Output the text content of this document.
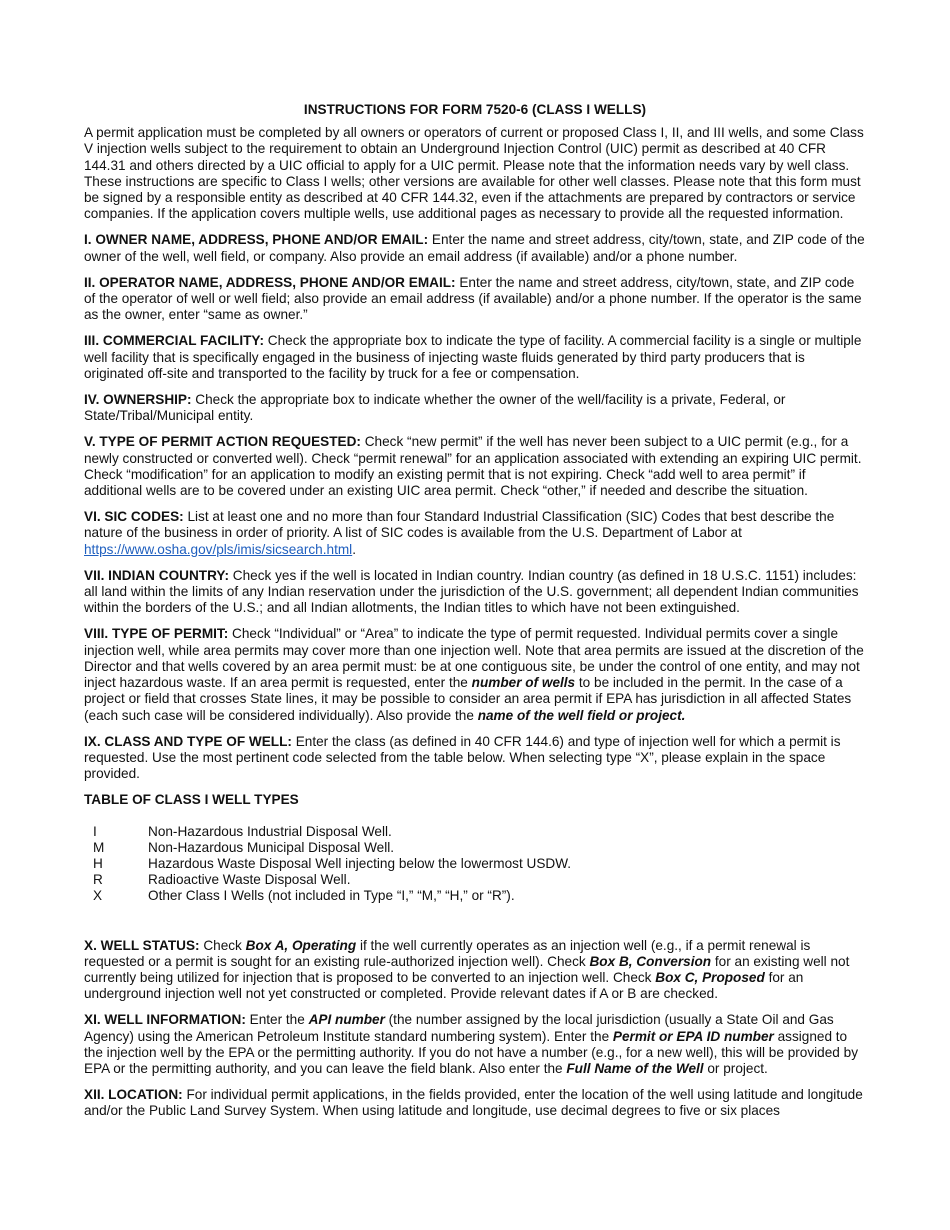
INSTRUCTIONS FOR FORM 7520-6 (CLASS I WELLS)

A permit application must be completed by all owners or operators of current or proposed Class I, II, and III wells, and some Class V injection wells subject to the requirement to obtain an Underground Injection Control (UIC) permit as described at 40 CFR 144.31 and others directed by a UIC official to apply for a UIC permit. Please note that the information needs vary by well class. These instructions are specific to Class I wells; other versions are available for other well classes. Please note that this form must be signed by a responsible entity as described at 40 CFR 144.32, even if the attachments are prepared by contractors or service companies. If the application covers multiple wells, use additional pages as necessary to provide all the requested information.

I. OWNER NAME, ADDRESS, PHONE AND/OR EMAIL: Enter the name and street address, city/town, state, and ZIP code of the owner of the well, well field, or company. Also provide an email address (if available) and/or a phone number.

II. OPERATOR NAME, ADDRESS, PHONE AND/OR EMAIL: Enter the name and street address, city/town, state, and ZIP code of the operator of well or well field; also provide an email address (if available) and/or a phone number. If the operator is the same as the owner, enter “same as owner.”

III. COMMERCIAL FACILITY: Check the appropriate box to indicate the type of facility. A commercial facility is a single or multiple well facility that is specifically engaged in the business of injecting waste fluids generated by third party producers that is originated off-site and transported to the facility by truck for a fee or compensation.

IV. OWNERSHIP: Check the appropriate box to indicate whether the owner of the well/facility is a private, Federal, or State/Tribal/Municipal entity.

V. TYPE OF PERMIT ACTION REQUESTED: Check “new permit” if the well has never been subject to a UIC permit (e.g., for a newly constructed or converted well). Check “permit renewal” for an application associated with extending an expiring UIC permit. Check “modification” for an application to modify an existing permit that is not expiring. Check “add well to area permit” if additional wells are to be covered under an existing UIC area permit. Check “other,” if needed and describe the situation.

VI. SIC CODES: List at least one and no more than four Standard Industrial Classification (SIC) Codes that best describe the nature of the business in order of priority. A list of SIC codes is available from the U.S. Department of Labor at https://www.osha.gov/pls/imis/sicsearch.html.

VII. INDIAN COUNTRY: Check yes if the well is located in Indian country. Indian country (as defined in 18 U.S.C. 1151) includes: all land within the limits of any Indian reservation under the jurisdiction of the U.S. government; all dependent Indian communities within the borders of the U.S.; and all Indian allotments, the Indian titles to which have not been extinguished.

VIII. TYPE OF PERMIT: Check “Individual” or “Area” to indicate the type of permit requested. Individual permits cover a single injection well, while area permits may cover more than one injection well. Note that area permits are issued at the discretion of the Director and that wells covered by an area permit must: be at one contiguous site, be under the control of one entity, and may not inject hazardous waste. If an area permit is requested, enter the number of wells to be included in the permit. In the case of a project or field that crosses State lines, it may be possible to consider an area permit if EPA has jurisdiction in all affected States (each such case will be considered individually). Also provide the name of the well field or project.

IX. CLASS AND TYPE OF WELL: Enter the class (as defined in 40 CFR 144.6) and type of injection well for which a permit is requested. Use the most pertinent code selected from the table below. When selecting type “X”, please explain in the space provided.

TABLE OF CLASS I WELL TYPES
I	Non-Hazardous Industrial Disposal Well.
M	Non-Hazardous Municipal Disposal Well.
H	Hazardous Waste Disposal Well injecting below the lowermost USDW.
R	Radioactive Waste Disposal Well.
X	Other Class I Wells (not included in Type “I,” “M,” “H,” or “R”).

X. WELL STATUS: Check Box A, Operating if the well currently operates as an injection well (e.g., if a permit renewal is requested or a permit is sought for an existing rule-authorized injection well). Check Box B, Conversion for an existing well not currently being utilized for injection that is proposed to be converted to an injection well. Check Box C, Proposed for an underground injection well not yet constructed or completed. Provide relevant dates if A or B are checked.

XI. WELL INFORMATION: Enter the API number (the number assigned by the local jurisdiction (usually a State Oil and Gas Agency) using the American Petroleum Institute standard numbering system). Enter the Permit or EPA ID number assigned to the injection well by the EPA or the permitting authority. If you do not have a number (e.g., for a new well), this will be provided by EPA or the permitting authority, and you can leave the field blank. Also enter the Full Name of the Well or project.

XII. LOCATION: For individual permit applications, in the fields provided, enter the location of the well using latitude and longitude and/or the Public Land Survey System. When using latitude and longitude, use decimal degrees to five or six places
